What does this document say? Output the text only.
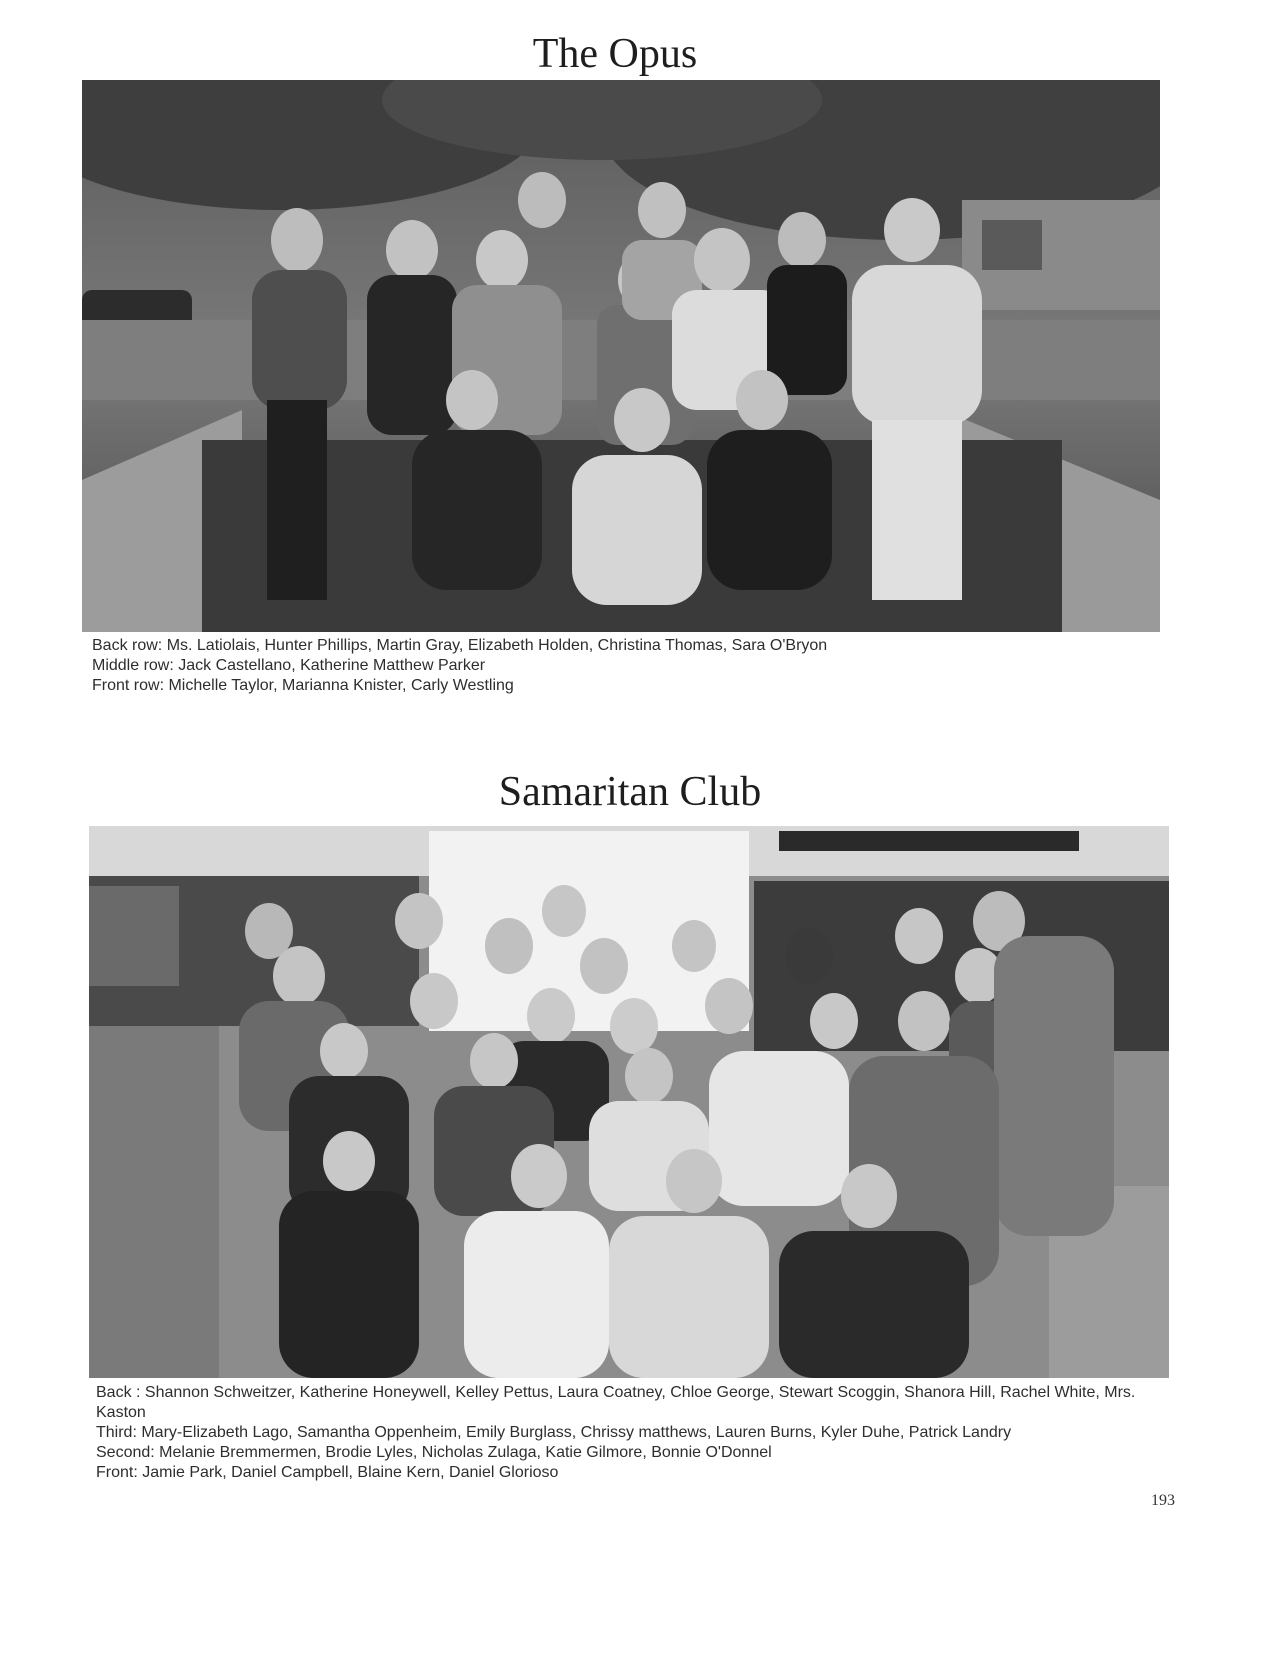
The Opus
Back row: Ms. Latiolais, Hunter Phillips, Martin Gray, Elizabeth Holden, Christina Thomas, Sara O'Bryon
Middle row: Jack Castellano, Katherine Matthew Parker
Front row: Michelle Taylor, Marianna Knister, Carly Westling
Samaritan Club
Back : Shannon Schweitzer, Katherine Honeywell, Kelley Pettus, Laura Coatney, Chloe George, Stewart Scoggin, Shanora Hill, Rachel White, Mrs. Kaston
Third: Mary-Elizabeth Lago, Samantha Oppenheim, Emily Burglass, Chrissy matthews, Lauren Burns, Kyler Duhe, Patrick Landry
Second: Melanie Bremmermen, Brodie Lyles, Nicholas Zulaga, Katie Gilmore, Bonnie O'Donnel
Front: Jamie Park, Daniel Campbell, Blaine Kern, Daniel Glorioso
193
